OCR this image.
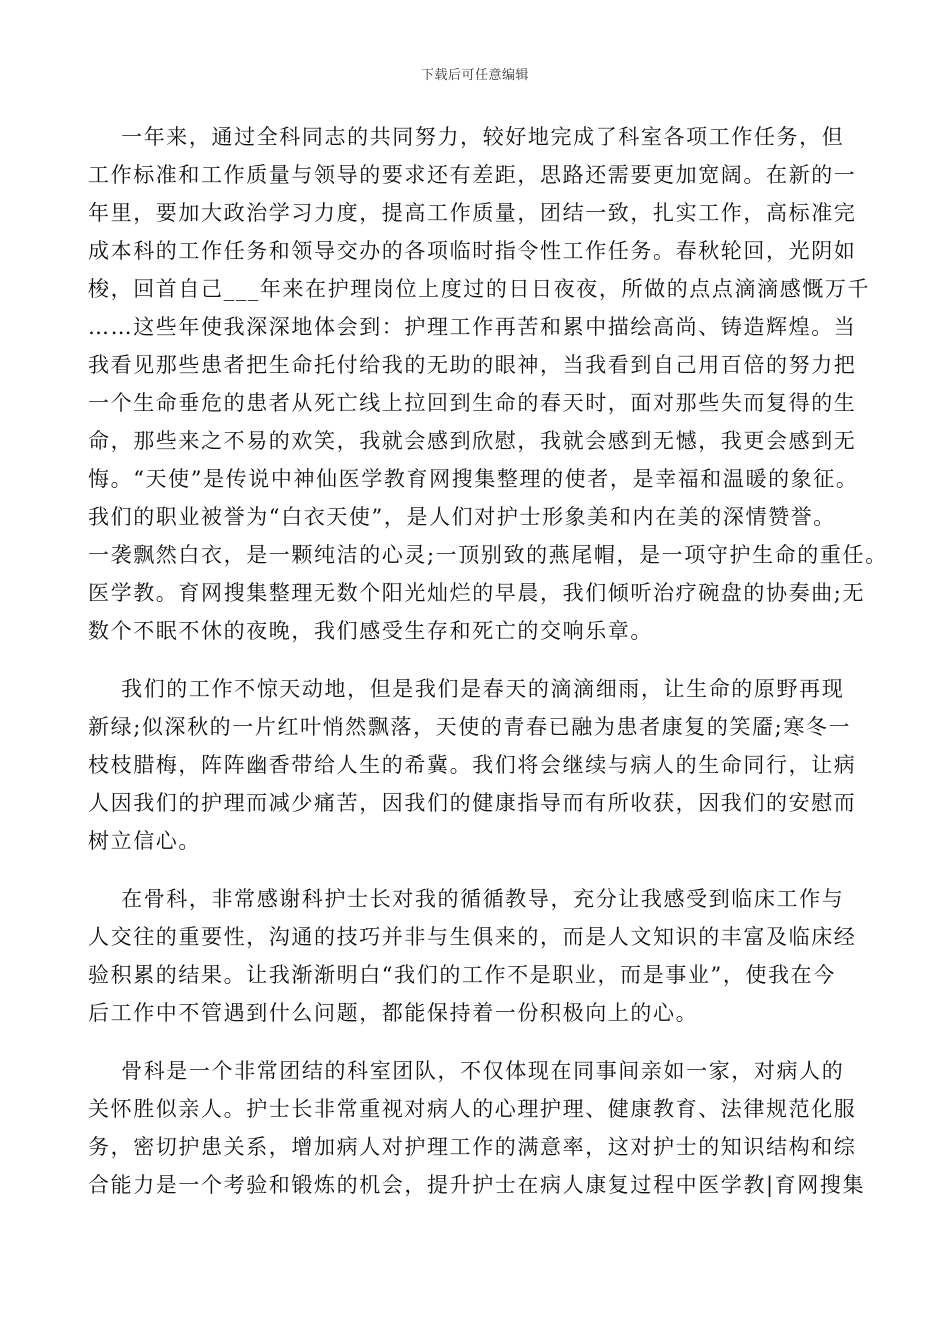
下载后可任意编辑
一年来，通过全科同志的共同努力，较好地完成了科室各项工作任务，但
工作标准和工作质量与领导的要求还有差距，思路还需要更加宽阔。在新的一
年里，要加大政治学习力度，提高工作质量，团结一致，扎实工作，高标准完
成本科的工作任务和领导交办的各项临时指令性工作任务。春秋轮回，光阴如
梭，回首自己___年来在护理岗位上度过的日日夜夜，所做的点点滴滴感慨万千
……这些年使我深深地体会到：护理工作再苦和累中描绘高尚、铸造辉煌。当
我看见那些患者把生命托付给我的无助的眼神，当我看到自己用百倍的努力把
一个生命垂危的患者从死亡线上拉回到生命的春天时，面对那些失而复得的生
命，那些来之不易的欢笑，我就会感到欣慰，我就会感到无憾，我更会感到无
悔。“天使”是传说中神仙医学教育网搜集整理的使者，是幸福和温暖的象征。
我们的职业被誉为“白衣天使”，是人们对护士形象美和内在美的深情赞誉。
一袭飘然白衣，是一颗纯洁的心灵;一顶别致的燕尾帽，是一项守护生命的重任。
医学教。育网搜集整理无数个阳光灿烂的早晨，我们倾听治疗碗盘的协奏曲;无
数个不眠不休的夜晚，我们感受生存和死亡的交响乐章。
我们的工作不惊天动地，但是我们是春天的滴滴细雨，让生命的原野再现
新绿;似深秋的一片红叶悄然飘落，天使的青春已融为患者康复的笑靥;寒冬一
枝枝腊梅，阵阵幽香带给人生的希冀。我们将会继续与病人的生命同行，让病
人因我们的护理而减少痛苦，因我们的健康指导而有所收获，因我们的安慰而
树立信心。
在骨科，非常感谢科护士长对我的循循教导，充分让我感受到临床工作与
人交往的重要性，沟通的技巧并非与生俱来的，而是人文知识的丰富及临床经
验积累的结果。让我渐渐明白“我们的工作不是职业，而是事业”，使我在今
后工作中不管遇到什么问题，都能保持着一份积极向上的心。
骨科是一个非常团结的科室团队，不仅体现在同事间亲如一家，对病人的
关怀胜似亲人。护士长非常重视对病人的心理护理、健康教育、法律规范化服
务，密切护患关系，增加病人对护理工作的满意率，这对护士的知识结构和综
合能力是一个考验和锻炼的机会，提升护士在病人康复过程中医学教|育网搜集
